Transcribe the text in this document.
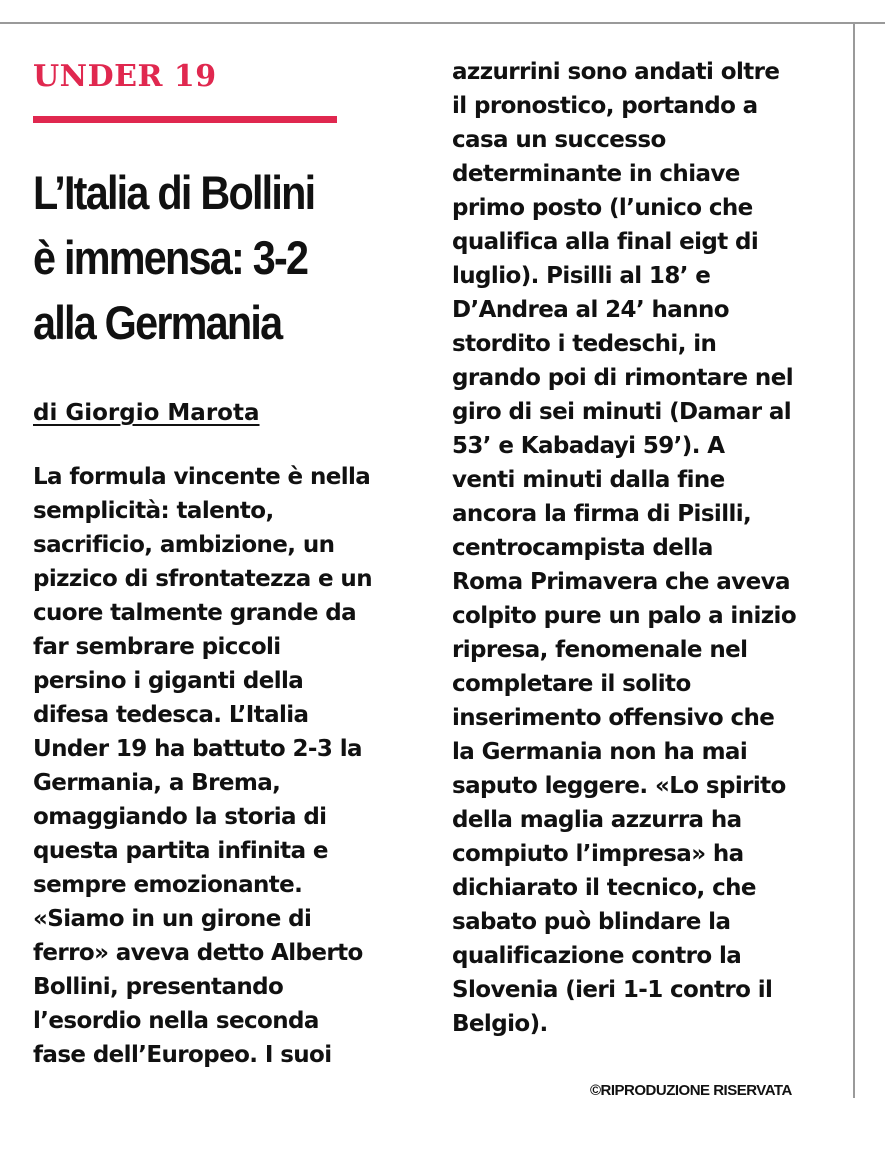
UNDER 19
L’Italia di Bollini
è immensa: 3-2
alla Germania

di Giorgio Marota

La formula vincente è nella
semplicità: talento,
sacrificio, ambizione, un
pizzico di sfrontatezza e un
cuore talmente grande da
far sembrare piccoli
persino i giganti della
difesa tedesca. L’Italia
Under 19 ha battuto 2-3 la
Germania, a Brema,
omaggiando la storia di
questa partita infinita e
sempre emozionante.
«Siamo in un girone di
ferro» aveva detto Alberto
Bollini, presentando
l’esordio nella seconda
fase dell’Europeo. I suoi

azzurrini sono andati oltre
il pronostico, portando a
casa un successo
determinante in chiave
primo posto (l’unico che
qualifica alla final eigt di
luglio). Pisilli al 18’ e
D’Andrea al 24’ hanno
stordito i tedeschi, in
grando poi di rimontare nel
giro di sei minuti (Damar al
53’ e Kabadayi 59’). A
venti minuti dalla fine
ancora la firma di Pisilli,
centrocampista della
Roma Primavera che aveva
colpito pure un palo a inizio
ripresa, fenomenale nel
completare il solito
inserimento offensivo che
la Germania non ha mai
saputo leggere. «Lo spirito
della maglia azzurra ha
compiuto l’impresa» ha
dichiarato il tecnico, che
sabato può blindare la
qualificazione contro la
Slovenia (ieri 1-1 contro il
Belgio).

©RIPRODUZIONE RISERVATA
